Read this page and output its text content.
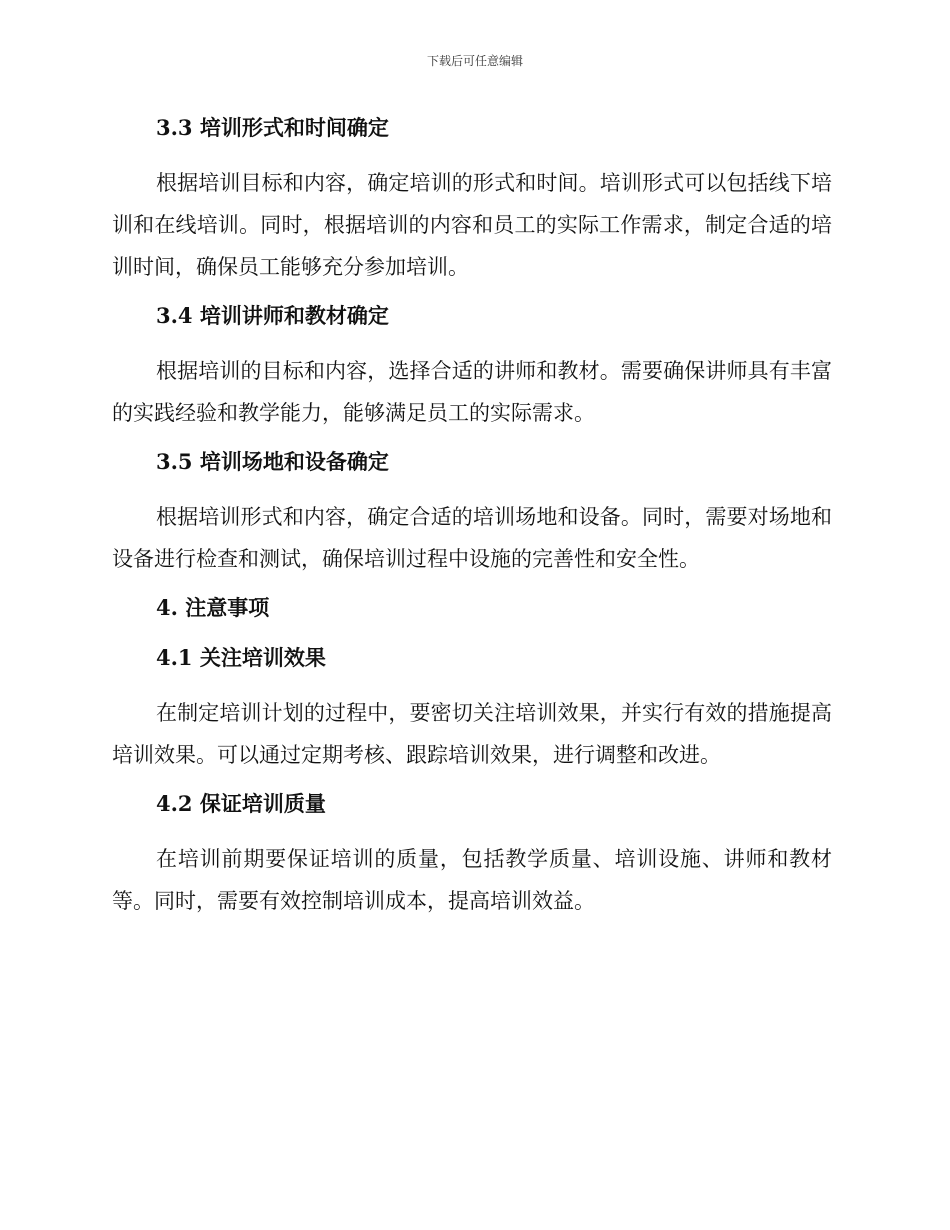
下载后可任意编辑
3.3 培训形式和时间确定

根据培训目标和内容，确定培训的形式和时间。培训形式可以包括线下培训和在线培训。同时，根据培训的内容和员工的实际工作需求，制定合适的培训时间，确保员工能够充分参加培训。

3.4 培训讲师和教材确定

根据培训的目标和内容，选择合适的讲师和教材。需要确保讲师具有丰富的实践经验和教学能力，能够满足员工的实际需求。

3.5 培训场地和设备确定

根据培训形式和内容，确定合适的培训场地和设备。同时，需要对场地和设备进行检查和测试，确保培训过程中设施的完善性和安全性。

4. 注意事项
4.1 关注培训效果

在制定培训计划的过程中，要密切关注培训效果，并实行有效的措施提高培训效果。可以通过定期考核、跟踪培训效果，进行调整和改进。

4.2 保证培训质量

在培训前期要保证培训的质量，包括教学质量、培训设施、讲师和教材等。同时，需要有效控制培训成本，提高培训效益。
